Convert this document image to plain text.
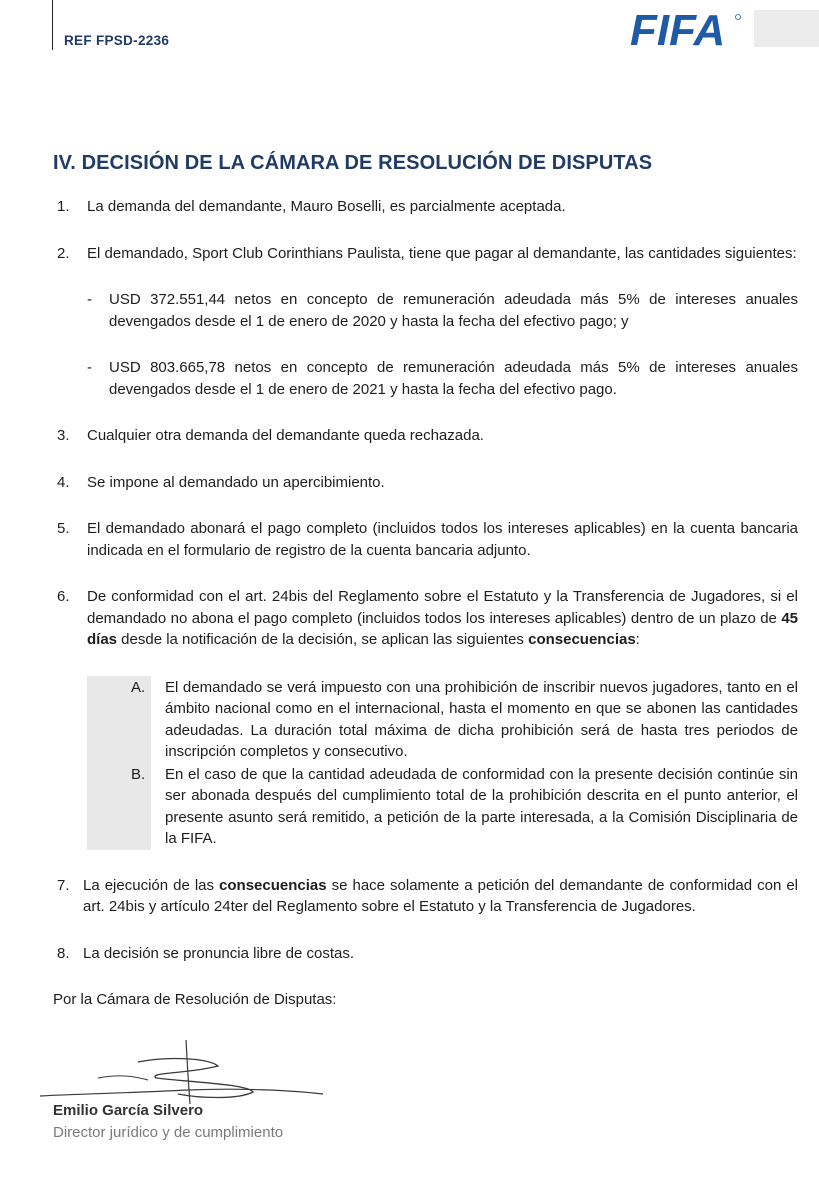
REF FPSD-2236	FIFA
IV. DECISIÓN DE LA CÁMARA DE RESOLUCIÓN DE DISPUTAS
1. La demanda del demandante, Mauro Boselli, es parcialmente aceptada.
2. El demandado, Sport Club Corinthians Paulista, tiene que pagar al demandante, las cantidades siguientes:
- USD 372.551,44 netos en concepto de remuneración adeudada más 5% de intereses anuales devengados desde el 1 de enero de 2020 y hasta la fecha del efectivo pago; y
- USD 803.665,78 netos en concepto de remuneración adeudada más 5% de intereses anuales devengados desde el 1 de enero de 2021 y hasta la fecha del efectivo pago.
3. Cualquier otra demanda del demandante queda rechazada.
4. Se impone al demandado un apercibimiento.
5. El demandado abonará el pago completo (incluidos todos los intereses aplicables) en la cuenta bancaria indicada en el formulario de registro de la cuenta bancaria adjunto.
6. De conformidad con el art. 24bis del Reglamento sobre el Estatuto y la Transferencia de Jugadores, si el demandado no abona el pago completo (incluidos todos los intereses aplicables) dentro de un plazo de 45 días desde la notificación de la decisión, se aplican las siguientes consecuencias:
A. El demandado se verá impuesto con una prohibición de inscribir nuevos jugadores, tanto en el ámbito nacional como en el internacional, hasta el momento en que se abonen las cantidades adeudadas. La duración total máxima de dicha prohibición será de hasta tres periodos de inscripción completos y consecutivo.
B. En el caso de que la cantidad adeudada de conformidad con la presente decisión continúe sin ser abonada después del cumplimiento total de la prohibición descrita en el punto anterior, el presente asunto será remitido, a petición de la parte interesada, a la Comisión Disciplinaria de la FIFA.
7. La ejecución de las consecuencias se hace solamente a petición del demandante de conformidad con el art. 24bis y artículo 24ter del Reglamento sobre el Estatuto y la Transferencia de Jugadores.
8. La decisión se pronuncia libre de costas.
Por la Cámara de Resolución de Disputas:
Emilio García Silvero
Director jurídico y de cumplimiento
